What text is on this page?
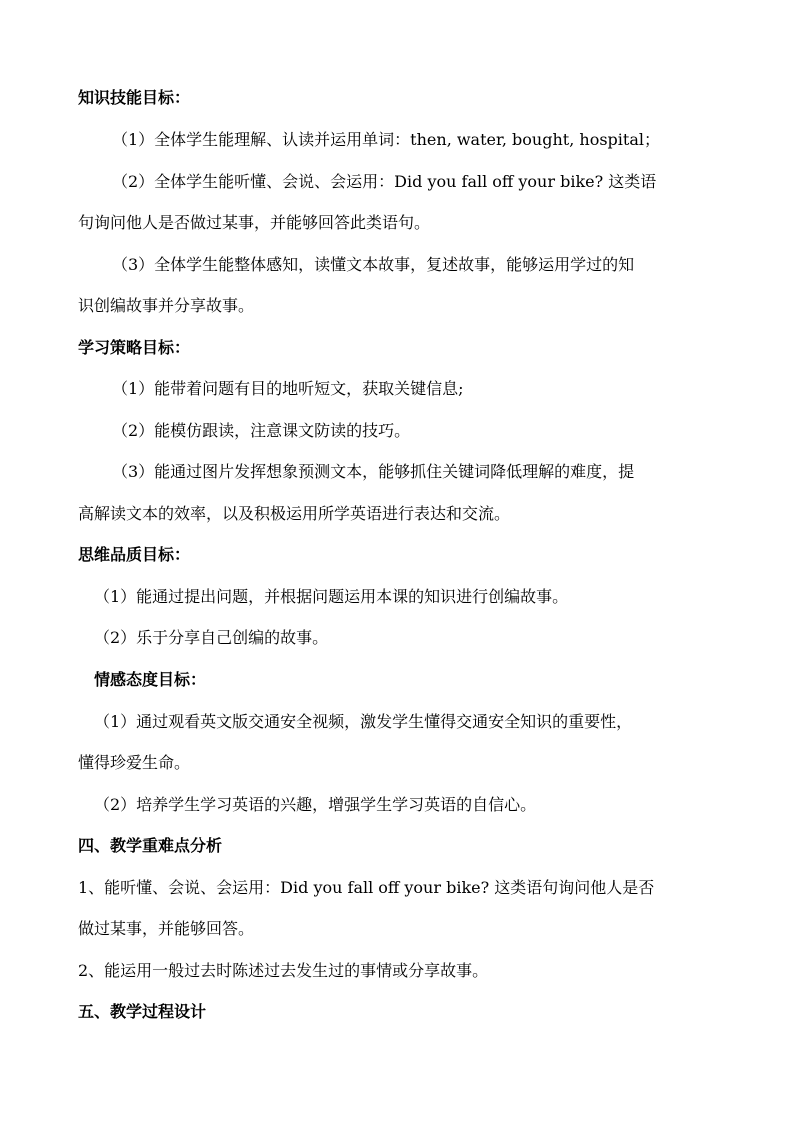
知识技能目标：
（1）全体学生能理解、认读并运用单词：then, water, bought, hospital；
（2）全体学生能听懂、会说、会运用：Did you fall off your bike? 这类语
句询问他人是否做过某事，并能够回答此类语句。
（3）全体学生能整体感知，读懂文本故事，复述故事，能够运用学过的知
识创编故事并分享故事。
学习策略目标：
（1）能带着问题有目的地听短文，获取关键信息;
（2）能模仿跟读，注意课文防读的技巧。
（3）能通过图片发挥想象预测文本，能够抓住关键词降低理解的难度，提
高解读文本的效率，以及积极运用所学英语进行表达和交流。
思维品质目标：
（1）能通过提出问题，并根据问题运用本课的知识进行创编故事。
（2）乐于分享自己创编的故事。
情感态度目标：
（1）通过观看英文版交通安全视频，激发学生懂得交通安全知识的重要性，
懂得珍爱生命。
（2）培养学生学习英语的兴趣，增强学生学习英语的自信心。
四、教学重难点分析
1、能听懂、会说、会运用：Did you fall off your bike? 这类语句询问他人是否
做过某事，并能够回答。
2、能运用一般过去时陈述过去发生过的事情或分享故事。
五、教学过程设计
